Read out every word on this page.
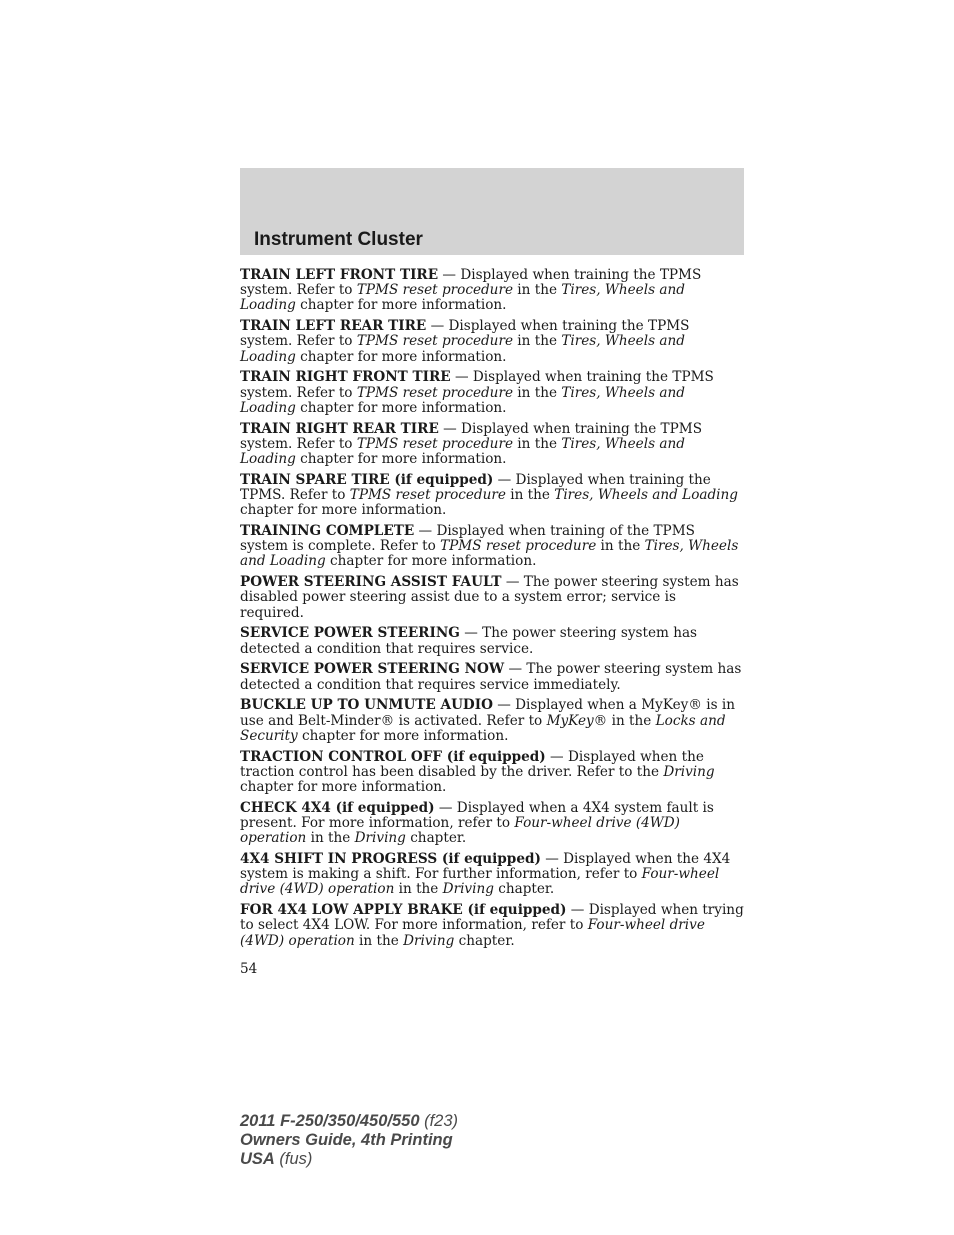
Instrument Cluster

TRAIN LEFT FRONT TIRE — Displayed when training the TPMS system. Refer to TPMS reset procedure in the Tires, Wheels and Loading chapter for more information.

TRAIN LEFT REAR TIRE — Displayed when training the TPMS system. Refer to TPMS reset procedure in the Tires, Wheels and Loading chapter for more information.

TRAIN RIGHT FRONT TIRE — Displayed when training the TPMS system. Refer to TPMS reset procedure in the Tires, Wheels and Loading chapter for more information.

TRAIN RIGHT REAR TIRE — Displayed when training the TPMS system. Refer to TPMS reset procedure in the Tires, Wheels and Loading chapter for more information.

TRAIN SPARE TIRE (if equipped) — Displayed when training the TPMS. Refer to TPMS reset procedure in the Tires, Wheels and Loading chapter for more information.

TRAINING COMPLETE — Displayed when training of the TPMS system is complete. Refer to TPMS reset procedure in the Tires, Wheels and Loading chapter for more information.

POWER STEERING ASSIST FAULT — The power steering system has disabled power steering assist due to a system error; service is required.

SERVICE POWER STEERING — The power steering system has detected a condition that requires service.

SERVICE POWER STEERING NOW — The power steering system has detected a condition that requires service immediately.

BUCKLE UP TO UNMUTE AUDIO — Displayed when a MyKey® is in use and Belt-Minder® is activated. Refer to MyKey® in the Locks and Security chapter for more information.

TRACTION CONTROL OFF (if equipped) — Displayed when the traction control has been disabled by the driver. Refer to the Driving chapter for more information.

CHECK 4X4 (if equipped) — Displayed when a 4X4 system fault is present. For more information, refer to Four-wheel drive (4WD) operation in the Driving chapter.

4X4 SHIFT IN PROGRESS (if equipped) — Displayed when the 4X4 system is making a shift. For further information, refer to Four-wheel drive (4WD) operation in the Driving chapter.

FOR 4X4 LOW APPLY BRAKE (if equipped) — Displayed when trying to select 4X4 LOW. For more information, refer to Four-wheel drive (4WD) operation in the Driving chapter.

54
2011 F-250/350/450/550 (f23)
Owners Guide, 4th Printing
USA (fus)
